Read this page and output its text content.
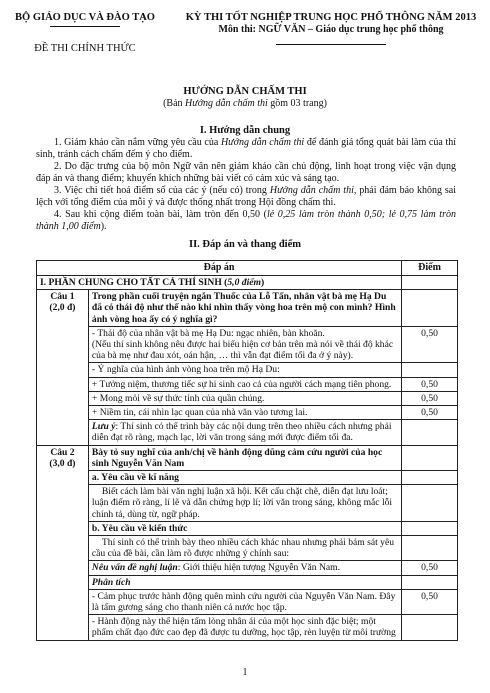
BỘ GIÁO DỤC VÀ ĐÀO TẠO
ĐỀ THI CHÍNH THỨC
KỲ THI TỐT NGHIỆP TRUNG HỌC PHỔ THÔNG NĂM 2013
Môn thi: NGỮ VĂN – Giáo dục trung học phổ thông
HƯỚNG DẪN CHẤM THI
(Bản Hướng dẫn chấm thi gồm 03 trang)
I. Hướng dẫn chung
1. Giám khảo cần nắm vững yêu cầu của Hướng dẫn chấm thi để đánh giá tổng quát bài làm của thí sinh, tránh cách chấm đếm ý cho điểm.
2. Do đặc trưng của bộ môn Ngữ văn nên giám khảo cần chủ động, linh hoạt trong việc vận dụng đáp án và thang điểm; khuyến khích những bài viết có cảm xúc và sáng tạo.
3. Việc chi tiết hoá điểm số của các ý (nếu có) trong Hướng dẫn chấm thi, phải đảm bảo không sai lệch với tổng điểm của mỗi ý và được thống nhất trong Hội đồng chấm thi.
4. Sau khi cộng điểm toàn bài, làm tròn đến 0,50 (lẻ 0,25 làm tròn thành 0,50; lẻ 0,75 làm tròn thành 1,00 điểm).
II. Đáp án và thang điểm
Đáp án		Điểm
I. PHẦN CHUNG CHO TẤT CẢ THÍ SINH (5,0 điểm)		

Câu 1
(2,0 đ)	Trong phần cuối truyện ngắn Thuốc của Lỗ Tấn, nhân vật bà mẹ Hạ Du đã có thái độ như thế nào khi nhìn thấy vòng hoa trên mộ con mình? Hình ảnh vòng hoa ấy có ý nghĩa gì?	

	- Thái độ của nhân vật bà mẹ Hạ Du: ngạc nhiên, bàn khoăn.
(Nếu thí sinh không nêu được hai biểu hiện cơ bản trên mà nói về thái độ khác của bà mẹ như đau xót, oán hận, … thì vẫn đạt điểm tối đa ở ý này).	0,50
	- Ý nghĩa của hình ảnh vòng hoa trên mộ Hạ Du:	
	+ Tưởng niệm, thương tiếc sự hi sinh cao cả của người cách mạng tiên phong.	0,50
	+ Mong mỏi về sự thức tỉnh của quần chúng.	0,50
	+ Niềm tin, cái nhìn lạc quan của nhà văn vào tương lai.	0,50
	Lưu ý: Thí sinh có thể trình bày các nội dung trên theo nhiều cách nhưng phải diễn đạt rõ ràng, mạch lạc, lời văn trong sáng mới được điểm tối đa.	

Câu 2
(3,0 đ)	Bày tỏ suy nghĩ của anh/chị về hành động dũng cảm cứu người của học sinh Nguyễn Văn Nam	
	a. Yêu cầu về kĩ năng	
	Biết cách làm bài văn nghị luận xã hội. Kết cấu chặt chẽ, diễn đạt lưu loát; luận điểm rõ ràng, lí lẽ và dẫn chứng hợp lí; lời văn trong sáng, không mắc lỗi chính tả, dùng từ, ngữ pháp.	
	b. Yêu cầu về kiến thức	
	Thí sinh có thể trình bày theo nhiều cách khác nhau nhưng phải bám sát yêu cầu của đề bài, cần làm rõ được những ý chính sau:	
	Nêu vấn đề nghị luận: Giới thiệu hiện tượng Nguyễn Văn Nam.	0,50
	Phân tích	
	- Cảm phục trước hành động quên mình cứu người của Nguyễn Văn Nam. Đây là tấm gương sáng cho thanh niên cả nước học tập.	0,50
	- Hành động này thể hiện tấm lòng nhân ái của một học sinh đặc biệt; một phẩm chất đạo đức cao đẹp đã được tu dưỡng, học tập, rèn luyện từ môi trường	
1
